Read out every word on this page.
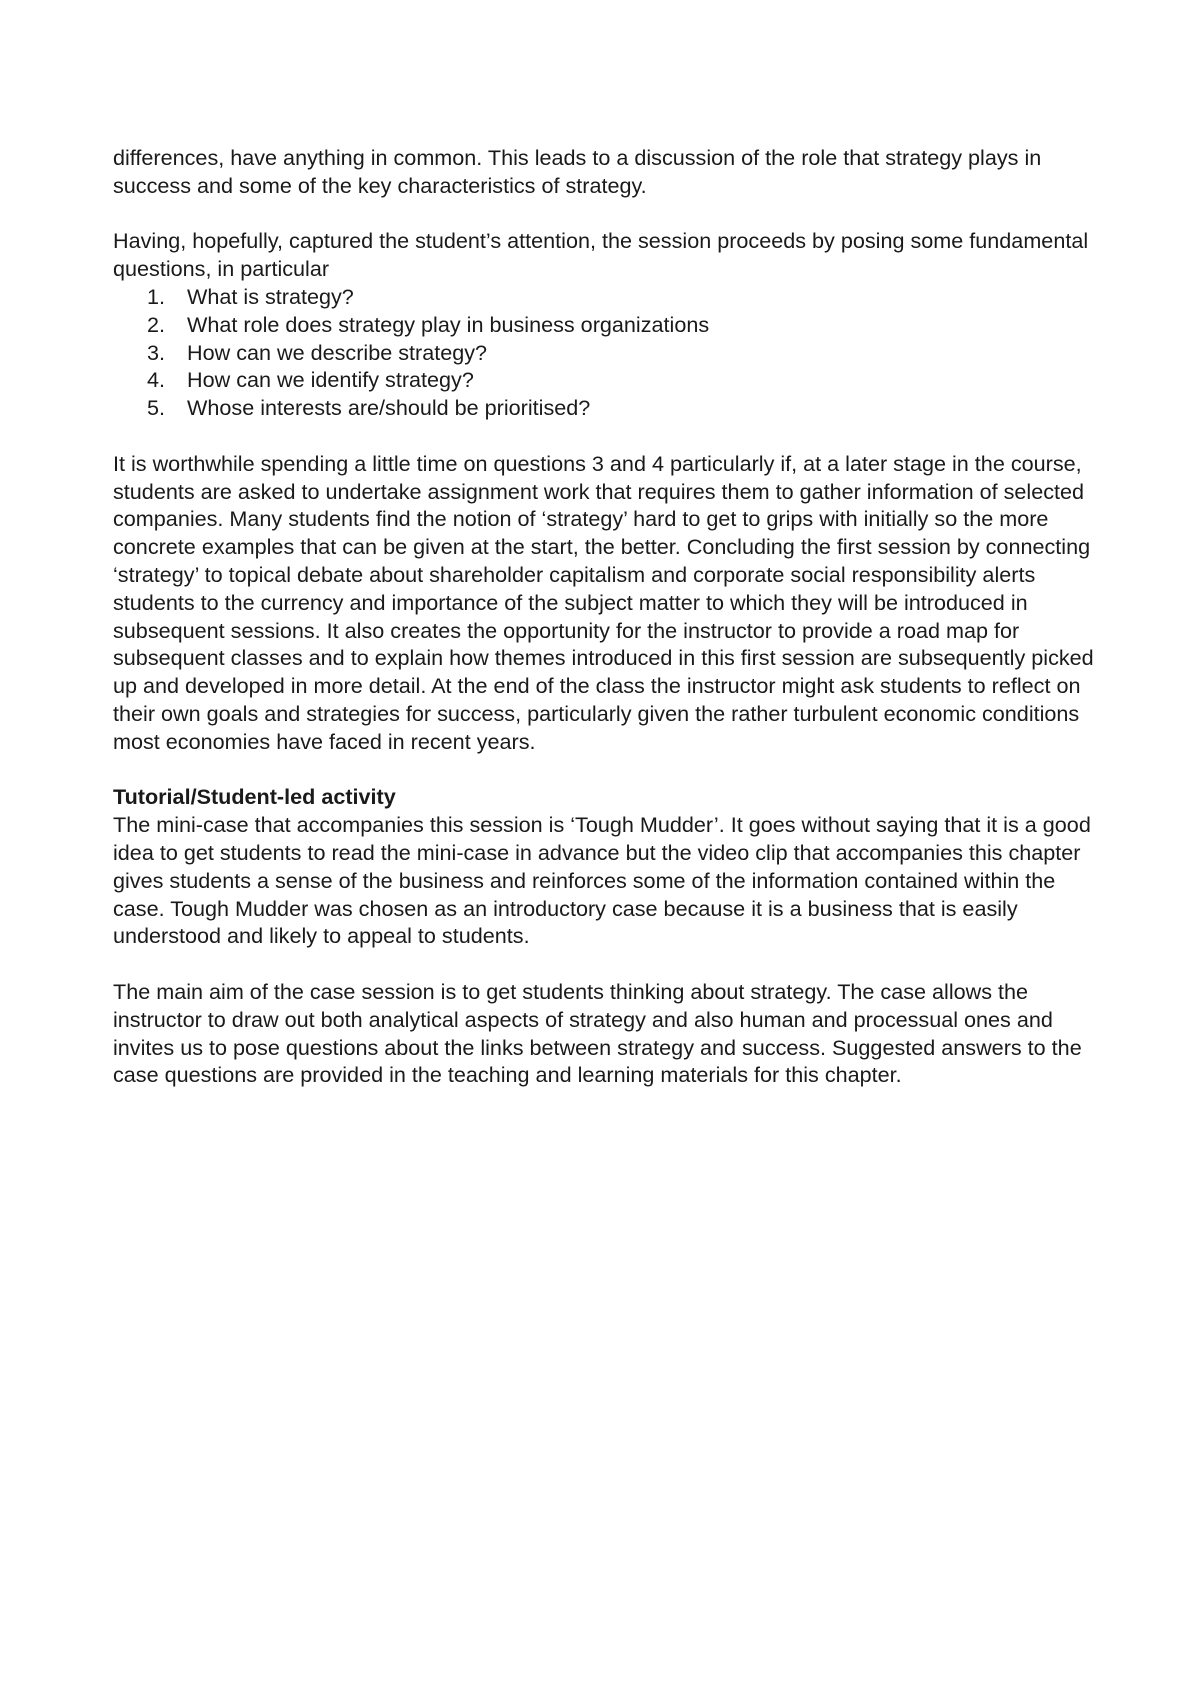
differences, have anything in common. This leads to a discussion of the role that strategy plays in success and some of the key characteristics of strategy.

Having, hopefully, captured the student’s attention, the session proceeds by posing some fundamental questions, in particular

1.	What is strategy?
2.	What role does strategy play in business organizations
3.	How can we describe strategy?
4.	How can we identify strategy?
5.	Whose interests are/should be prioritised?

It is worthwhile spending a little time on questions 3 and 4 particularly if, at a later stage in the course, students are asked to undertake assignment work that requires them to gather information of selected companies. Many students find the notion of ‘strategy’ hard to get to grips with initially so the more concrete examples that can be given at the start, the better. Concluding the first session by connecting ‘strategy’ to topical debate about shareholder capitalism and corporate social responsibility alerts students to the currency and importance of the subject matter to which they will be introduced in subsequent sessions. It also creates the opportunity for the instructor to provide a road map for subsequent classes and to explain how themes introduced in this first session are subsequently picked up and developed in more detail. At the end of the class the instructor might ask students to reflect on their own goals and strategies for success, particularly given the rather turbulent economic conditions most economies have faced in recent years.

Tutorial/Student-led activity

The mini-case that accompanies this session is ‘Tough Mudder’. It goes without saying that it is a good idea to get students to read the mini-case in advance but the video clip that accompanies this chapter gives students a sense of the business and reinforces some of the information contained within the case. Tough Mudder was chosen as an introductory case because it is a business that is easily understood and likely to appeal to students.

The main aim of the case session is to get students thinking about strategy. The case allows the instructor to draw out both analytical aspects of strategy and also human and processual ones and invites us to pose questions about the links between strategy and success. Suggested answers to the case questions are provided in the teaching and learning materials for this chapter.
